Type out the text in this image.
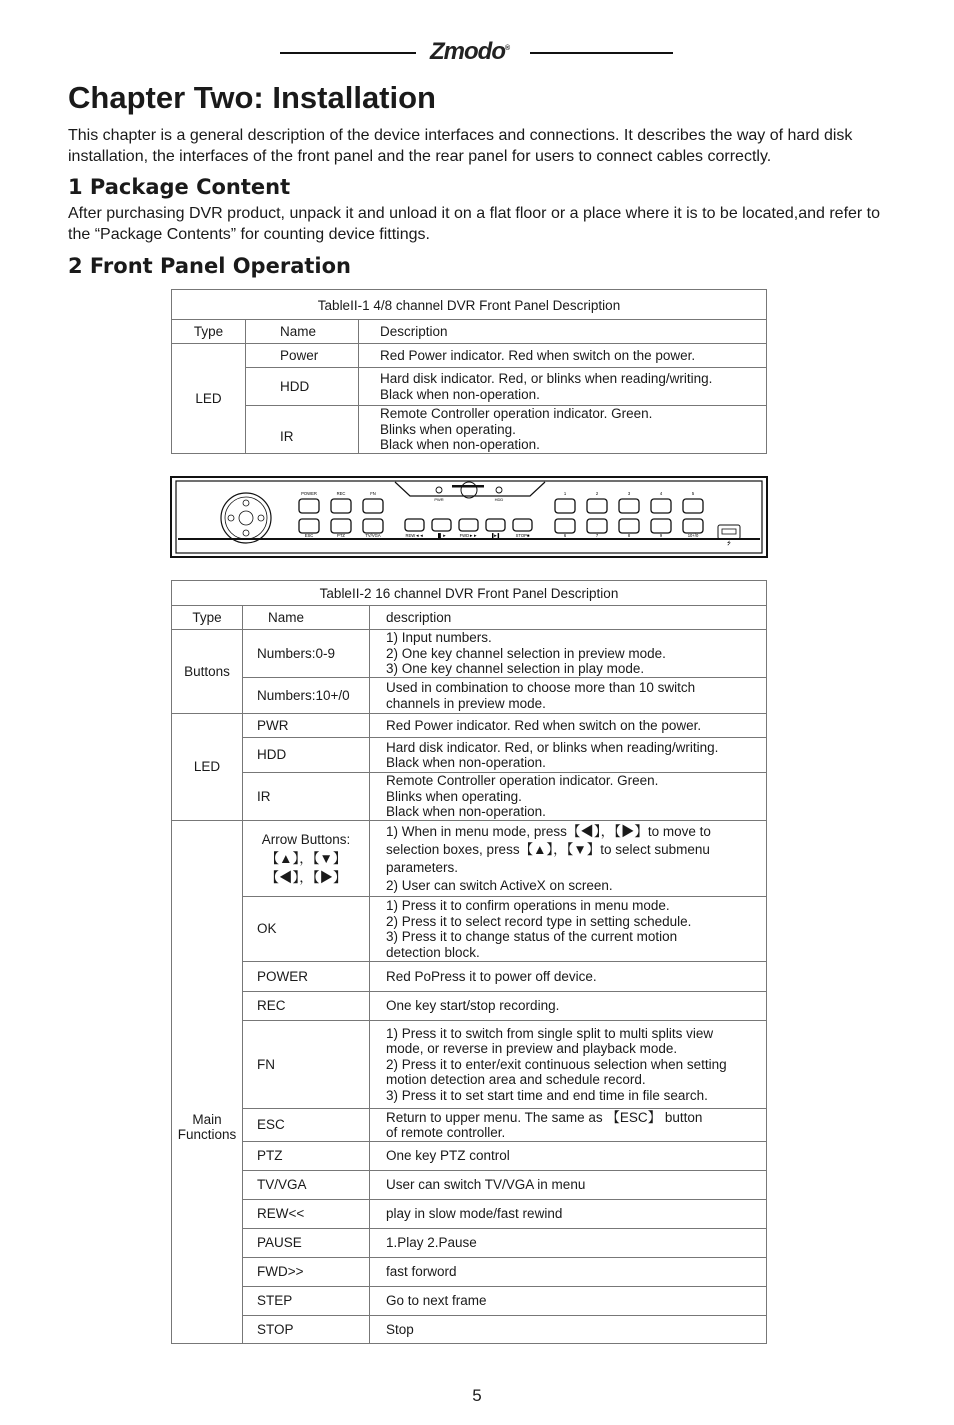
Zmodo®
Chapter Two: Installation

This chapter is a general description of the device interfaces and connections. It describes the way of hard disk installation, the interfaces of the front panel and the rear panel for users to connect cables correctly.

1 Package Content

After purchasing DVR product, unpack it and unload it on a flat floor or a place where it is to be located,and refer to the “Package Contents” for counting device fittings.

2 Front Panel Operation
TableII-1 4/8 channel DVR Front Panel Description		
Type	Name	Description
LED	Power	Red Power indicator. Red when switch on the power.
	HDD	Hard disk indicator. Red, or blinks when reading/writing.
Black when non-operation.
	IR	Remote Controller operation indicator. Green.
Blinks when operating.
Black when non-operation.
POWER	REC	FN
ESC	PTZ	TV/VGA	REW◄◄	▐▌►	FWD►►	▐►▌	STOP■
1	2	3	4	5
6	7	8	9	10+/0
PWR	HDD
⭍
TableII-2 16 channel DVR Front Panel Description		
Type	Name	description
Buttons	Numbers:0-9	1) Input numbers.
2) One key channel selection in preview mode.
3) One key channel selection in play mode.
	Numbers:10+/0	Used in combination to choose more than 10 switch
channels in preview mode.
LED	PWR	Red Power indicator. Red when switch on the power.
	HDD	Hard disk indicator. Red, or blinks when reading/writing.
Black when non-operation.
	IR	Remote Controller operation indicator. Green.
Blinks when operating.
Black when non-operation.
Main
Functions	Arrow Buttons:
【▲】，【▼】
【◀】，【▶】	1) When in menu mode, press【◀】，【▶】to move to
selection boxes, press【▲】，【▼】to select submenu
parameters.
2) User can switch ActiveX on screen.
	OK	1) Press it to confirm operations in menu mode.
2) Press it to select record type in setting schedule.
3) Press it to change status of the current motion
detection block.
	POWER	Red PoPress it to power off device.
	REC	One key start/stop recording.
	FN	1) Press it to switch from single split to multi splits view
mode, or reverse in preview and playback mode.
2) Press it to enter/exit continuous selection when setting
motion detection area and schedule record.
3) Press it to set start time and end time in file search.
	ESC	Return to upper menu. The same as 【ESC】 button
of remote controller.
	PTZ	One key PTZ control
	TV/VGA	User can switch TV/VGA in menu
	REW<<	play in slow mode/fast rewind
	PAUSE	1.Play 2.Pause
	FWD>>	fast forword
	STEP	Go to next frame
	STOP	Stop
5
